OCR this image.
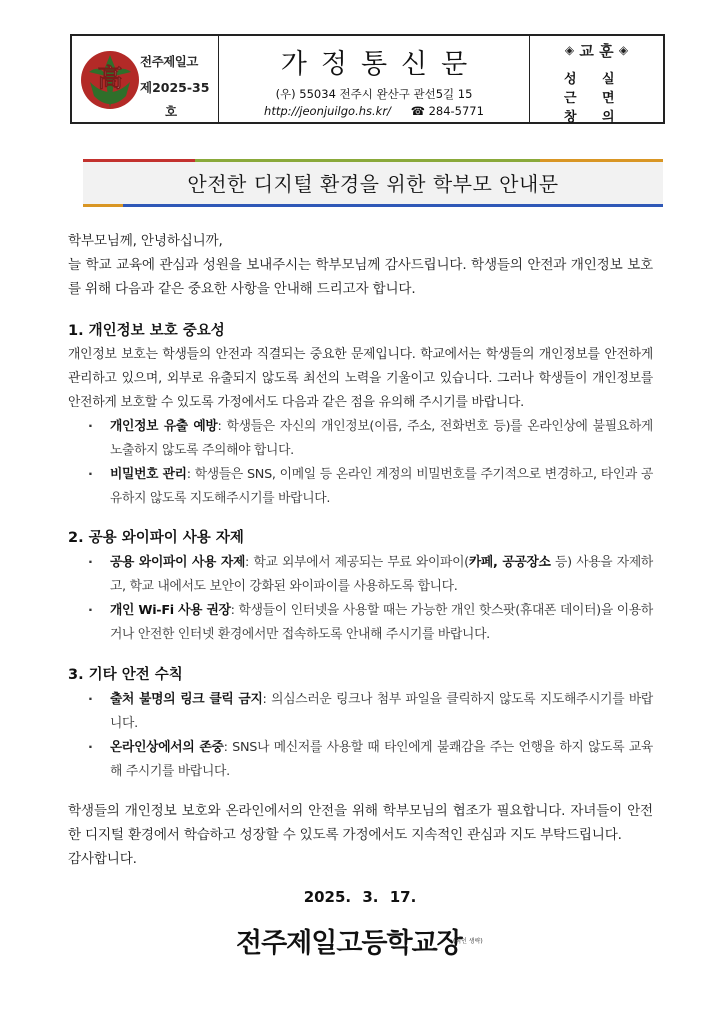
高
전주제일고
제2025-35
호
가정통신문
(우) 55034 전주시 완산구 관선5길 15
http://jeonjuilgo.hs.kr/ ☎ 284-5771
◈ 교 훈 ◈
성 실
근 면
창 의
안전한 디지털 환경을 위한 학부모 안내문
학부모님께, 안녕하십니까,
늘 학교 교육에 관심과 성원을 보내주시는 학부모님께 감사드립니다. 학생들의 안전과 개인정보 보호를 위해 다음과 같은 중요한 사항을 안내해 드리고자 합니다.
1. 개인정보 보호 중요성
개인정보 보호는 학생들의 안전과 직결되는 중요한 문제입니다. 학교에서는 학생들의 개인정보를 안전하게 관리하고 있으며, 외부로 유출되지 않도록 최선의 노력을 기울이고 있습니다. 그러나 학생들이 개인정보를 안전하게 보호할 수 있도록 가정에서도 다음과 같은 점을 유의해 주시기를 바랍니다.
· 개인정보 유출 예방: 학생들은 자신의 개인정보(이름, 주소, 전화번호 등)를 온라인상에 불필요하게 노출하지 않도록 주의해야 합니다.
· 비밀번호 관리: 학생들은 SNS, 이메일 등 온라인 계정의 비밀번호를 주기적으로 변경하고, 타인과 공유하지 않도록 지도해주시기를 바랍니다.
2. 공용 와이파이 사용 자제
· 공용 와이파이 사용 자제: 학교 외부에서 제공되는 무료 와이파이(카페, 공공장소 등) 사용을 자제하고, 학교 내에서도 보안이 강화된 와이파이를 사용하도록 합니다.
· 개인 Wi-Fi 사용 권장: 학생들이 인터넷을 사용할 때는 가능한 개인 핫스팟(휴대폰 데이터)을 이용하거나 안전한 인터넷 환경에서만 접속하도록 안내해 주시기를 바랍니다.
3. 기타 안전 수칙
· 출처 불명의 링크 클릭 금지: 의심스러운 링크나 첨부 파일을 클릭하지 않도록 지도해주시기를 바랍니다.
· 온라인상에서의 존중: SNS나 메신저를 사용할 때 타인에게 불쾌감을 주는 언행을 하지 않도록 교육해 주시기를 바랍니다.
학생들의 개인정보 보호와 온라인에서의 안전을 위해 학부모님의 협조가 필요합니다. 자녀들이 안전한 디지털 환경에서 학습하고 성장할 수 있도록 가정에서도 지속적인 관심과 지도 부탁드립니다.
감사합니다.
2025. 3. 17.
전주제일고등학교장
(직인 생략)
